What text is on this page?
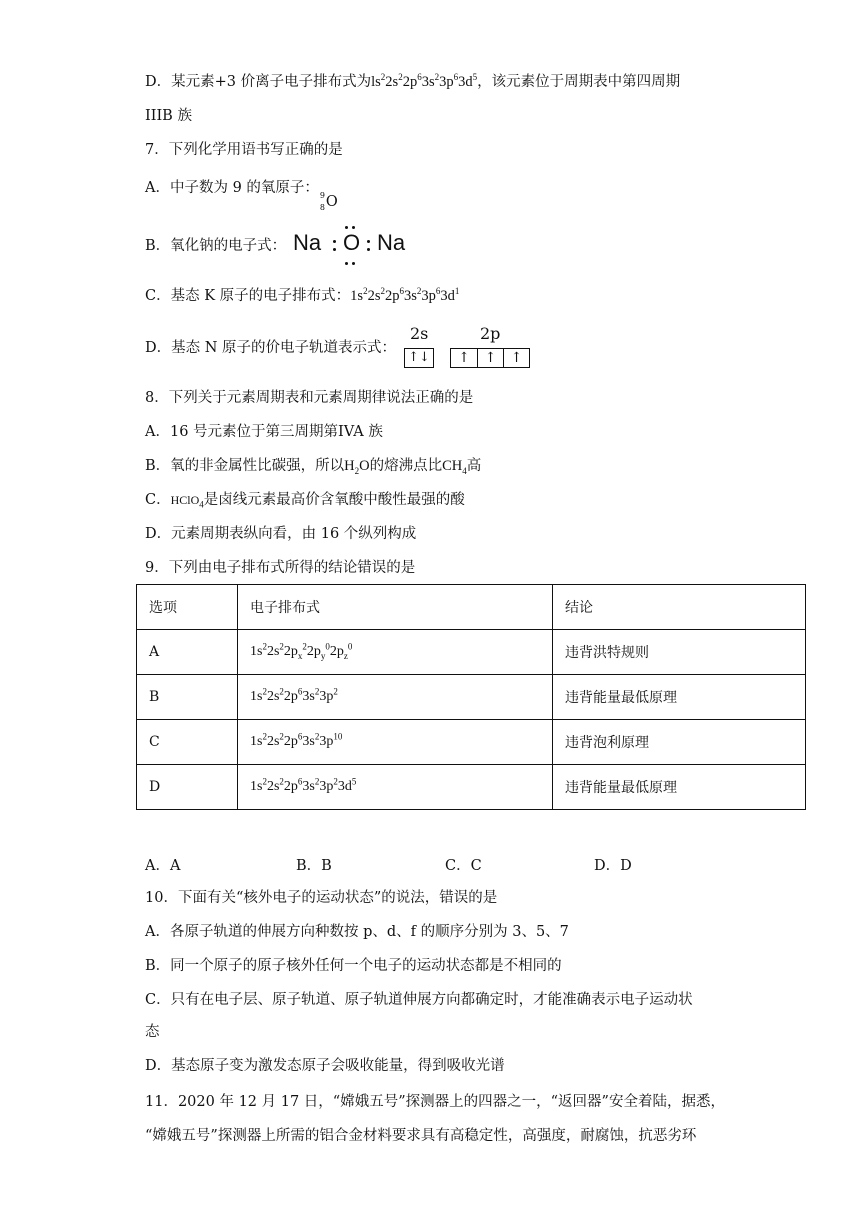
D．某元素+3 价离子电子排布式为$ls^22s^22p^63s^23p^63d^5$，该元素位于周期表中第四周期
IIIB 族
7．下列化学用语书写正确的是
A．中子数为 9 的氧原子： 9
8 O
B．氧化钠的电子式： Na O Na
C．基态 K 原子的电子排布式：$1s^22s^22p^63s^23p^63d^1$
D．基态 N 原子的价电子轨道表示式：
2s	2p
↑↓
↑
↑
↑
8．下列关于元素周期表和元素周期律说法正确的是
A．16 号元素位于第三周期第IVA 族
B．氧的非金属性比碳强，所以$H_2O$的熔沸点比$CH_4$高
C．HClO$_4$是卤线元素最高价含氧酸中酸性最强的酸
D．元素周期表纵向看，由 16 个纵列构成
9．下列由电子排布式所得的结论错误的是
选项	电子排布式	结论
A	$1s^22s^22p_x^22p_y^02p_z^0$	违背洪特规则
B	$1s^22s^22p^63s^23p^2$	违背能量最低原理
C	$1s^22s^22p^63s^23p^{10}$	违背泡利原理
D	$1s^22s^22p^63s^23p^23d^5$	违背能量最低原理
A．A	B．B	C．C	D．D
10．下面有关“核外电子的运动状态”的说法，错误的是
A．各原子轨道的伸展方向种数按 p、d、f 的顺序分别为 3、5、7
B．同一个原子的原子核外任何一个电子的运动状态都是不相同的
C．只有在电子层、原子轨道、原子轨道伸展方向都确定时，才能准确表示电子运动状
态
D．基态原子变为激发态原子会吸收能量，得到吸收光谱
11．2020 年 12 月 17 日，“嫦娥五号”探测器上的四器之一，“返回器”安全着陆，据悉，
“嫦娥五号”探测器上所需的铝合金材料要求具有高稳定性，高强度，耐腐蚀，抗恶劣环
